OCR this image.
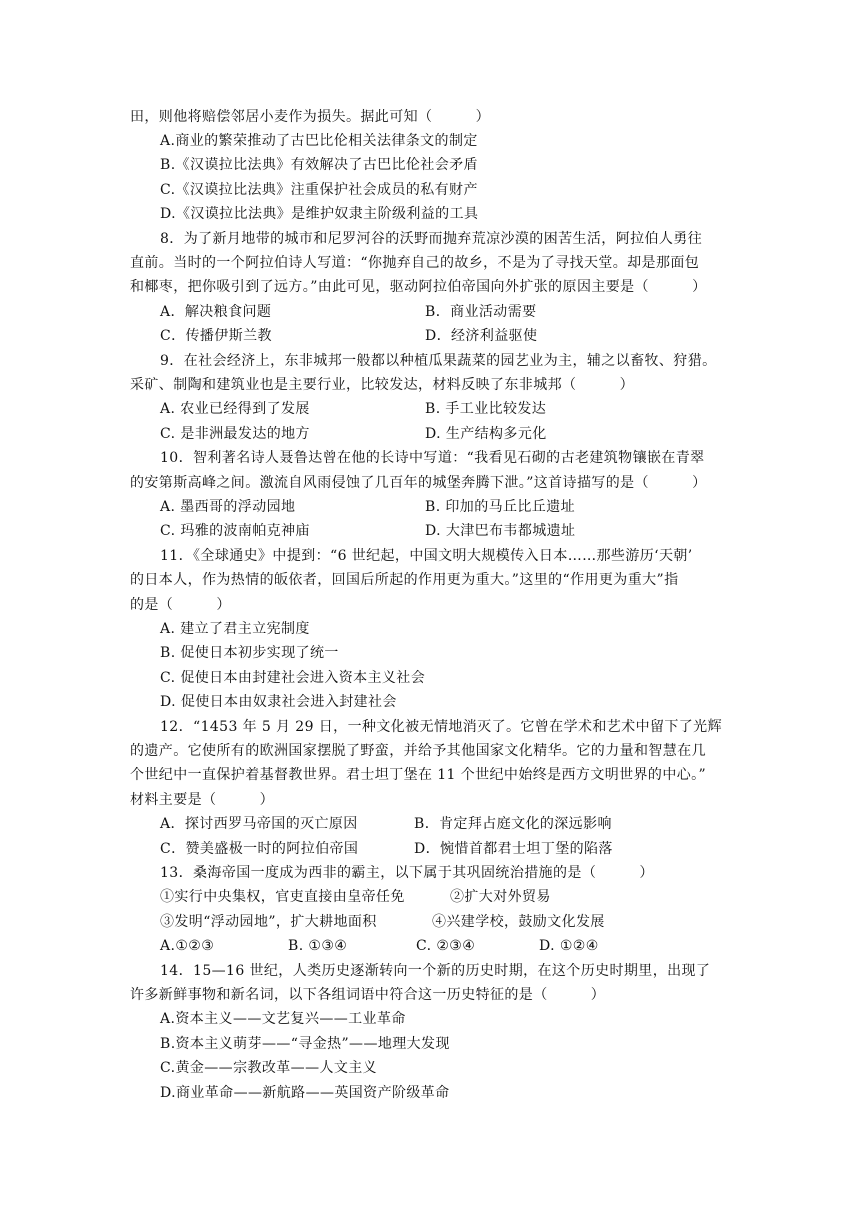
田，则他将赔偿邻居小麦作为损失。据此可知（　　　）
A.商业的繁荣推动了古巴比伦相关法律条文的制定
B.《汉谟拉比法典》有效解决了古巴比伦社会矛盾
C.《汉谟拉比法典》注重保护社会成员的私有财产
D.《汉谟拉比法典》是维护奴隶主阶级利益的工具
8．为了新月地带的城市和尼罗河谷的沃野而抛弃荒凉沙漠的困苦生活，阿拉伯人勇往
直前。当时的一个阿拉伯诗人写道：“你抛弃自己的故乡，不是为了寻找天堂。却是那面包
和椰枣，把你吸引到了远方。”由此可见，驱动阿拉伯帝国向外扩张的原因主要是（　　　）
A．解决粮食问题	B．商业活动需要
C．传播伊斯兰教	D．经济利益驱使
9．在社会经济上，东非城邦一般都以种植瓜果蔬菜的园艺业为主，辅之以畜牧、狩猎。
采矿、制陶和建筑业也是主要行业，比较发达，材料反映了东非城邦（　　　）
A. 农业已经得到了发展	B. 手工业比较发达
C. 是非洲最发达的地方	D. 生产结构多元化
10．智利著名诗人聂鲁达曾在他的长诗中写道：“我看见石砌的古老建筑物镶嵌在青翠
的安第斯高峰之间。激流自风雨侵蚀了几百年的城堡奔腾下泄。”这首诗描写的是（　　　）
A. 墨西哥的浮动园地	B. 印加的马丘比丘遗址
C. 玛雅的波南帕克神庙	D. 大津巴布韦都城遗址
11．《全球通史》中提到：“6 世纪起，中国文明大规模传入日本……那些游历‘天朝’
的日本人，作为热情的皈依者，回国后所起的作用更为重大。”这里的“作用更为重大”指
的是（　　　）
A. 建立了君主立宪制度
B. 促使日本初步实现了统一
C. 促使日本由封建社会进入资本主义社会
D. 促使日本由奴隶社会进入封建社会
12．“1453 年 5 月 29 日，一种文化被无情地消灭了。它曾在学术和艺术中留下了光辉
的遗产。它使所有的欧洲国家摆脱了野蛮，并给予其他国家文化精华。它的力量和智慧在几
个世纪中一直保护着基督教世界。君士坦丁堡在 11 个世纪中始终是西方文明世界的中心。”
材料主要是（　　　）
A．探讨西罗马帝国的灭亡原因	B．肯定拜占庭文化的深远影响
C．赞美盛极一时的阿拉伯帝国	D．惋惜首都君士坦丁堡的陷落
13．桑海帝国一度成为西非的霸主，以下属于其巩固统治措施的是（　　　）
①实行中央集权，官吏直接由皇帝任免	②扩大对外贸易
③发明“浮动园地”，扩大耕地面积	④兴建学校，鼓励文化发展
A.①②③	B. ①③④	C. ②③④	D. ①②④
14．15—16 世纪，人类历史逐渐转向一个新的历史时期，在这个历史时期里，出现了
许多新鲜事物和新名词，以下各组词语中符合这一历史特征的是（　　　）
A.资本主义——文艺复兴——工业革命
B.资本主义萌芽——“寻金热”——地理大发现
C.黄金——宗教改革——人文主义
D.商业革命——新航路——英国资产阶级革命
